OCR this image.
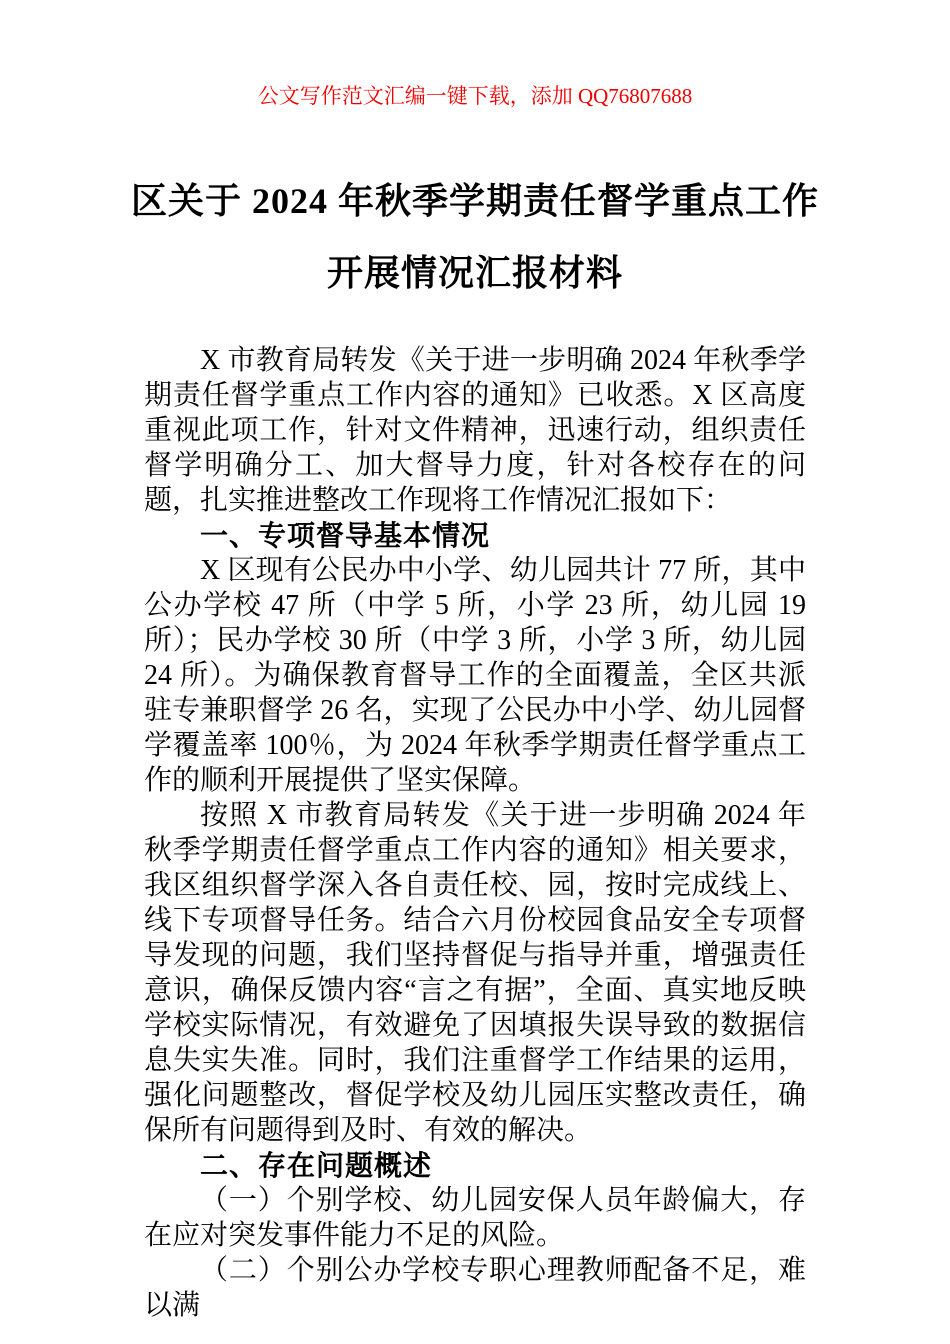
公文写作范文汇编一键下载，添加 QQ76807688
区关于 2024 年秋季学期责任督学重点工作
开展情况汇报材料

X 市教育局转发《关于进一步明确 2024 年秋季学期责任督学重点工作内容的通知》已收悉。X 区高度重视此项工作，针对文件精神，迅速行动，组织责任督学明确分工、加大督导力度，针对各校存在的问题，扎实推进整改工作现将工作情况汇报如下：

一、专项督导基本情况

X 区现有公民办中小学、幼儿园共计 77 所，其中公办学校 47 所（中学 5 所，小学 23 所，幼儿园 19 所）；民办学校 30 所（中学 3 所，小学 3 所，幼儿园 24 所）。为确保教育督导工作的全面覆盖，全区共派驻专兼职督学 26 名，实现了公民办中小学、幼儿园督学覆盖率 100％，为 2024 年秋季学期责任督学重点工作的顺利开展提供了坚实保障。

按照 X 市教育局转发《关于进一步明确 2024 年秋季学期责任督学重点工作内容的通知》相关要求，我区组织督学深入各自责任校、园，按时完成线上、线下专项督导任务。结合六月份校园食品安全专项督导发现的问题，我们坚持督促与指导并重，增强责任意识，确保反馈内容“言之有据”，全面、真实地反映学校实际情况，有效避免了因填报失误导致的数据信息失实失准。同时，我们注重督学工作结果的运用，强化问题整改，督促学校及幼儿园压实整改责任，确保所有问题得到及时、有效的解决。

二、存在问题概述

（一）个别学校、幼儿园安保人员年龄偏大，存在应对突发事件能力不足的风险。

（二）个别公办学校专职心理教师配备不足，难以满
